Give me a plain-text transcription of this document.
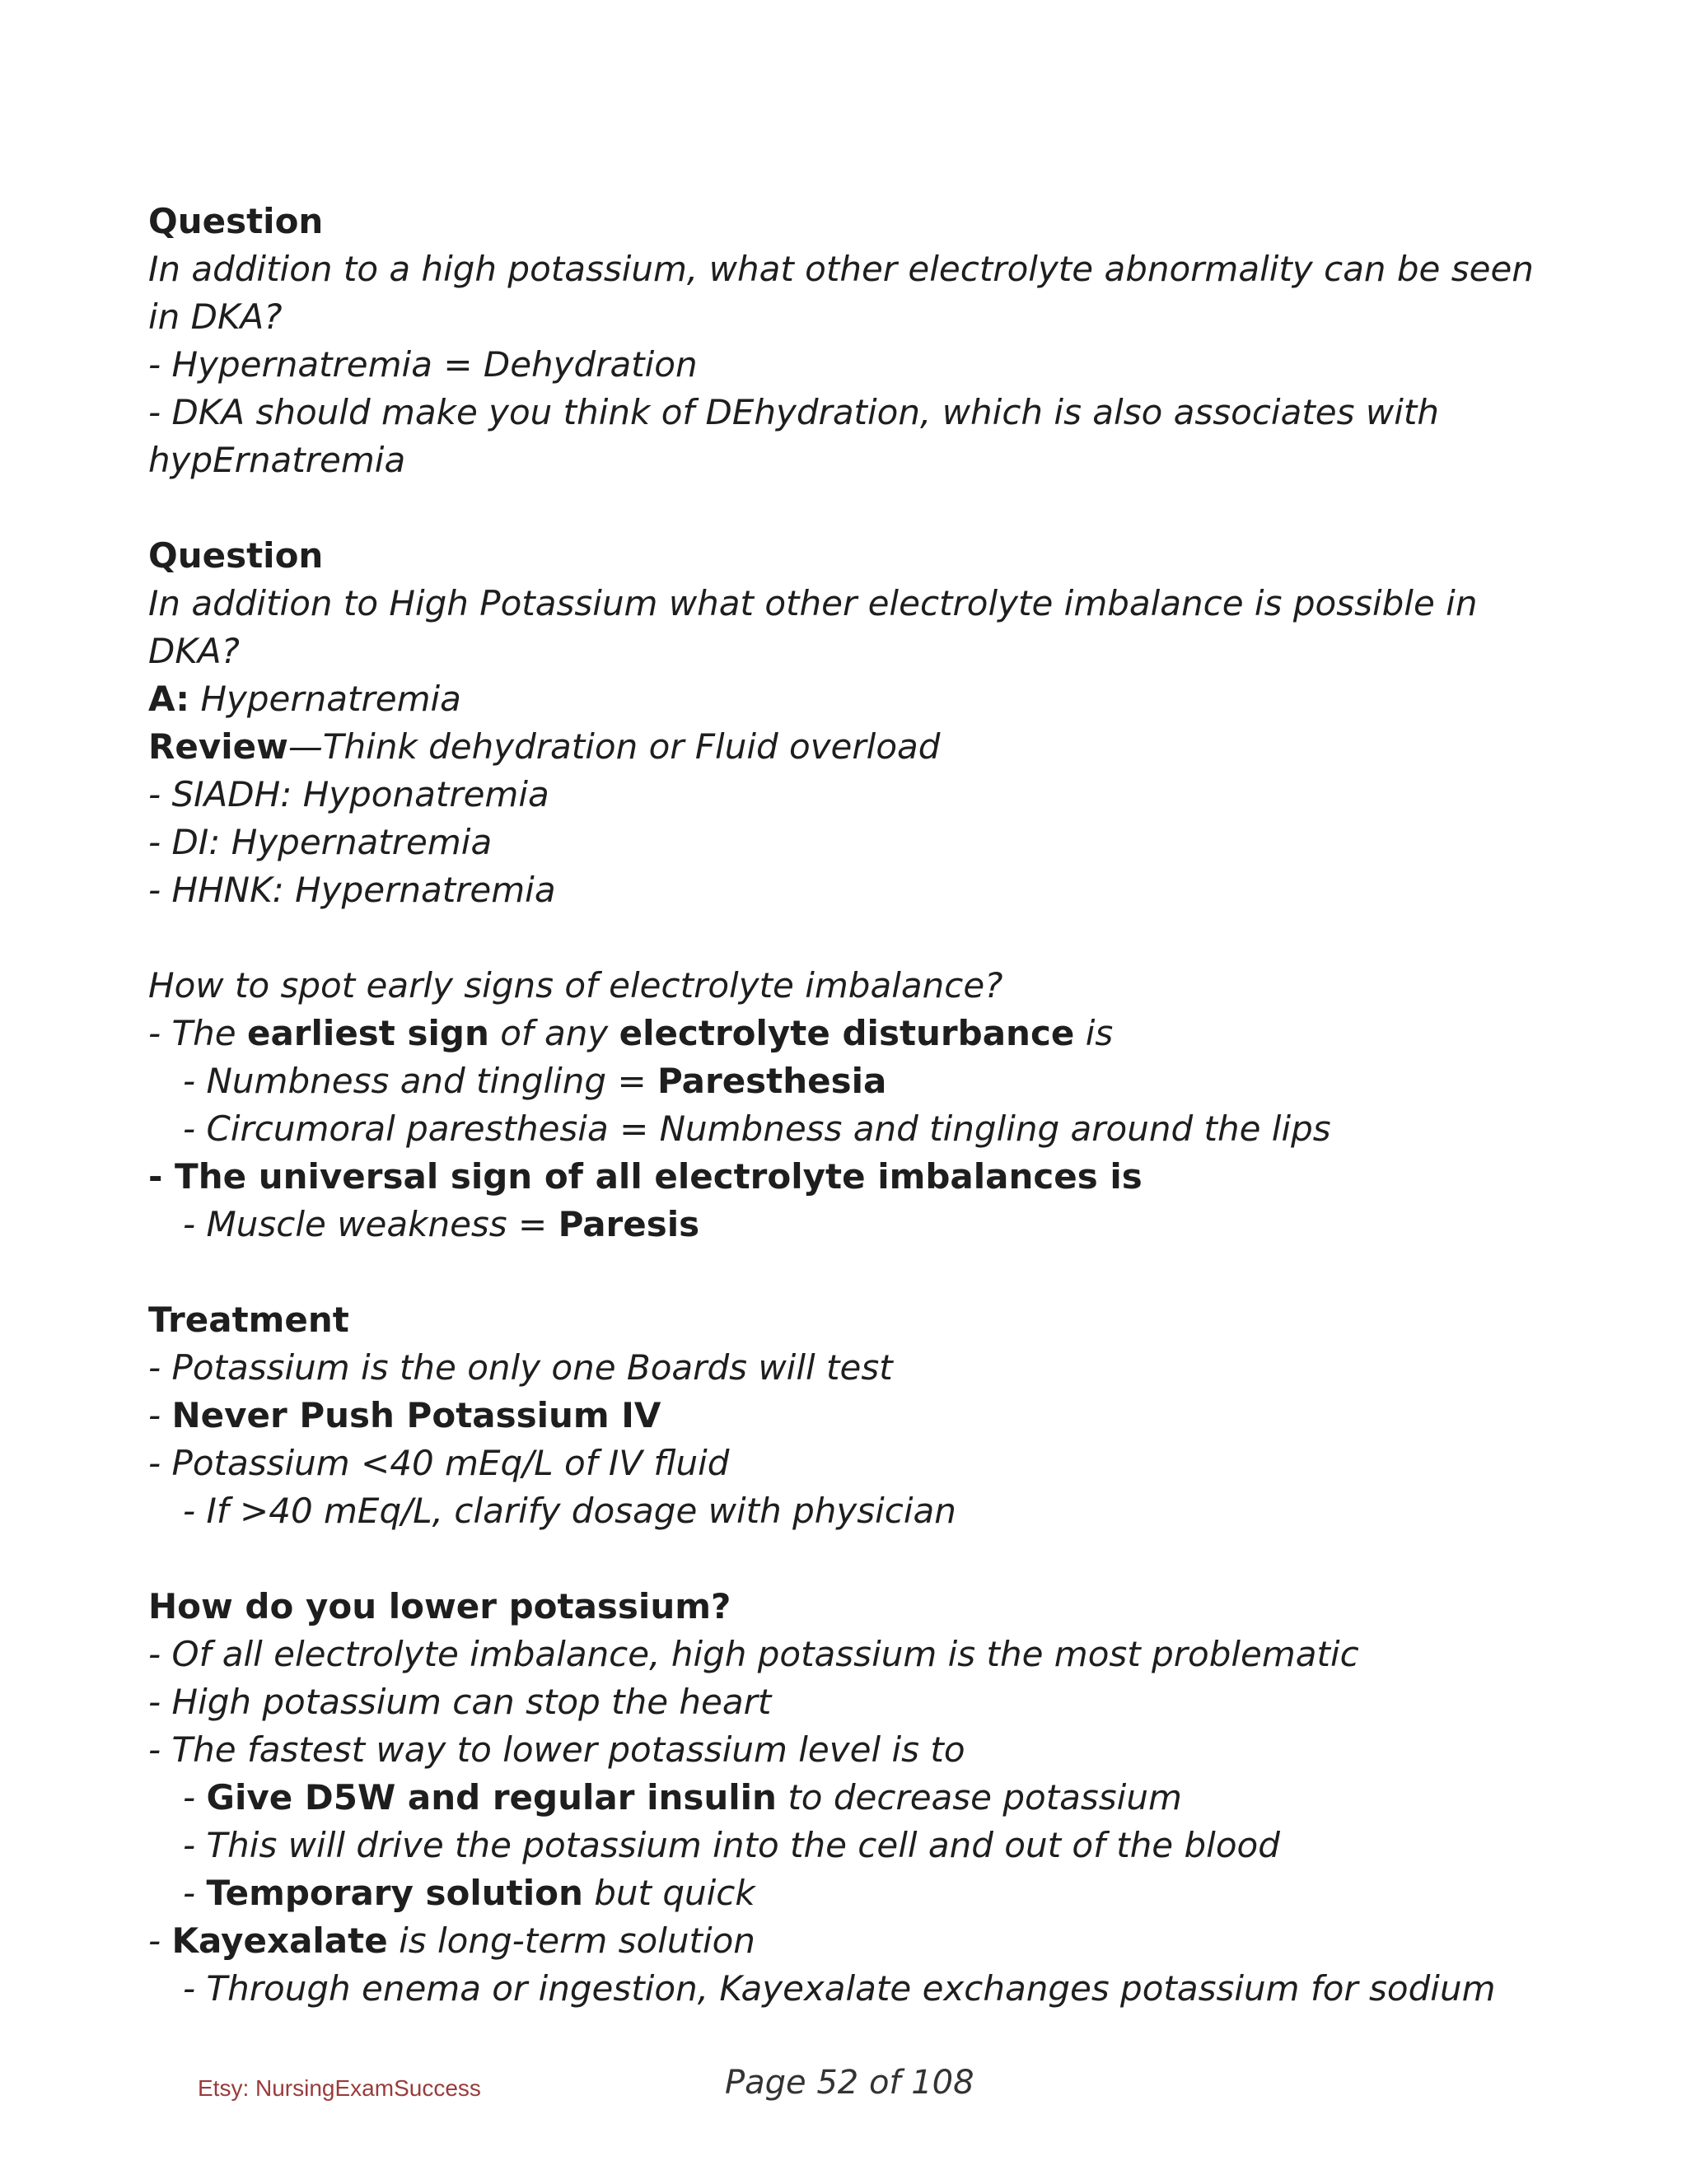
Question
In addition to a high potassium, what other electrolyte abnormality can be seen in DKA?
- Hypernatremia = Dehydration
- DKA should make you think of DEhydration, which is also associates with hypErnatremia
Question
In addition to High Potassium what other electrolyte imbalance is possible in DKA?
A: Hypernatremia
Review—Think dehydration or Fluid overload
- SIADH: Hyponatremia
- DI: Hypernatremia
- HHNK: Hypernatremia
How to spot early signs of electrolyte imbalance?
- The earliest sign of any electrolyte disturbance is
- Numbness and tingling = Paresthesia
- Circumoral paresthesia = Numbness and tingling around the lips
- The universal sign of all electrolyte imbalances is
- Muscle weakness = Paresis
Treatment
- Potassium is the only one Boards will test
- Never Push Potassium IV
- Potassium <40 mEq/L of IV fluid
- If >40 mEq/L, clarify dosage with physician
How do you lower potassium?
- Of all electrolyte imbalance, high potassium is the most problematic
- High potassium can stop the heart
- The fastest way to lower potassium level is to
- Give D5W and regular insulin to decrease potassium
- This will drive the potassium into the cell and out of the blood
- Temporary solution but quick
- Kayexalate is long-term solution
- Through enema or ingestion, Kayexalate exchanges potassium for sodium
Etsy: NursingExamSuccess	Page 52 of 108
